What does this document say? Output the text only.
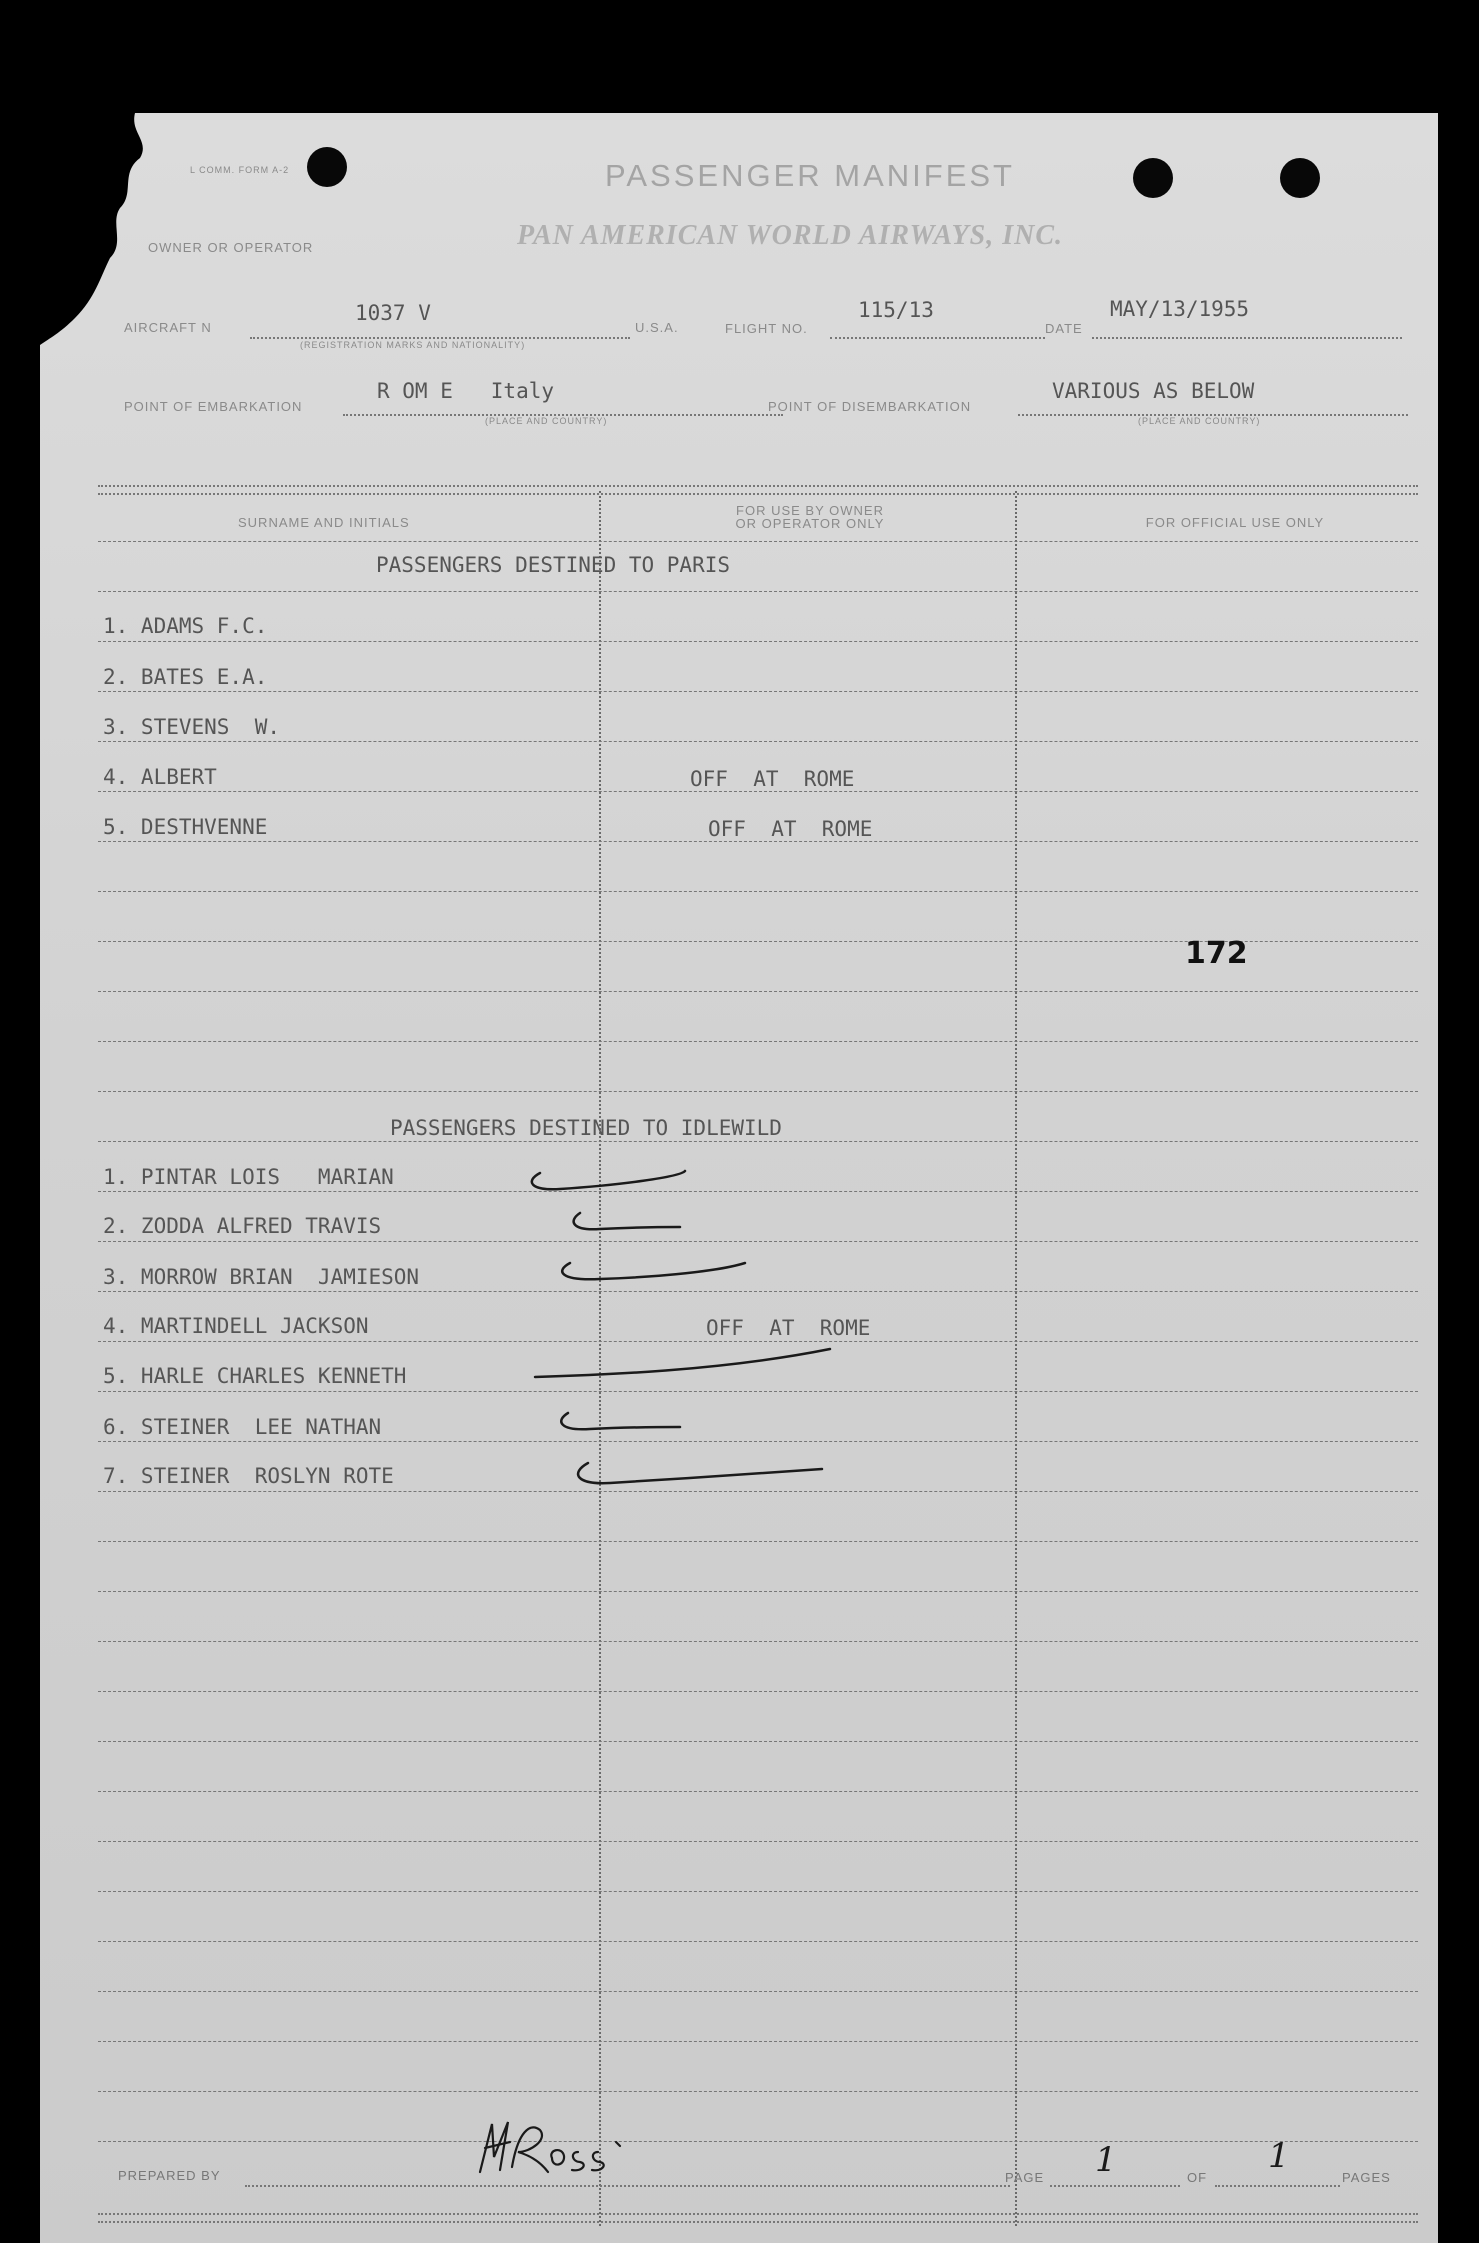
L COMM. FORM A-2	PASSENGER MANIFEST
PAN AMERICAN WORLD AIRWAYS, INC.
OWNER OR OPERATOR
AIRCRAFT N
1037 V
(REGISTRATION MARKS AND NATIONALITY)
U.S.A.	FLIGHT NO.
115/13
DATE
MAY/13/1955
POINT OF EMBARKATION
R OM E   Italy
(PLACE AND COUNTRY)
POINT OF DISEMBARKATION
VARIOUS AS BELOW
(PLACE AND COUNTRY)
SURNAME AND INITIALS
FOR USE BY OWNER
OR OPERATOR ONLY	FOR OFFICIAL USE ONLY
PASSENGERS DESTINED TO PARIS
1. ADAMS F.C.
2. BATES E.A.
3. STEVENS  W.
4. ALBERT	OFF  AT  ROME
5. DESTHVENNE	OFF  AT  ROME
172
PASSENGERS DESTINED TO IDLEWILD
1. PINTAR LOIS   MARIAN
2. ZODDA ALFRED TRAVIS
3. MORROW BRIAN  JAMIESON
4. MARTINDELL JACKSON	OFF  AT  ROME
5. HARLE CHARLES KENNETH
6. STEINER  LEE NATHAN
7. STEINER  ROSLYN ROTE
PREPARED BY	PAGE 1	OF
1
PAGES
